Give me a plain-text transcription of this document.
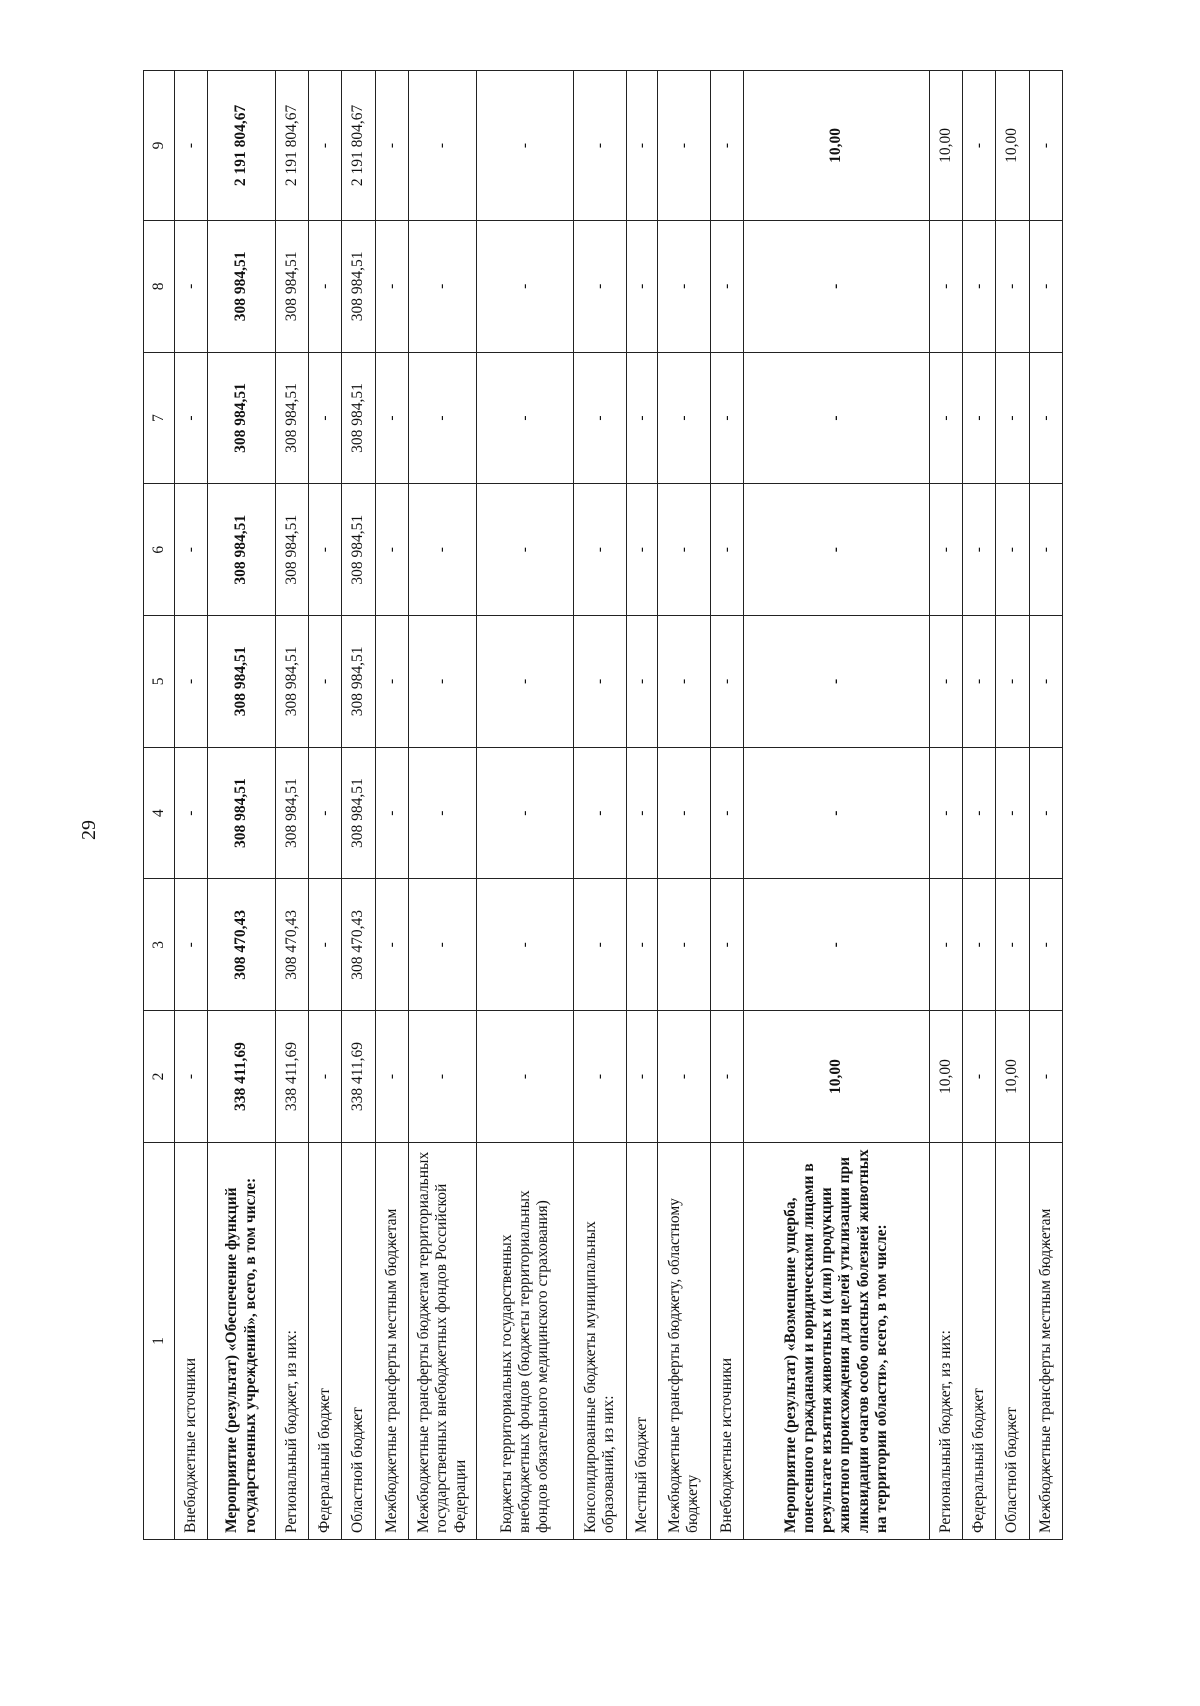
29
1	2	3	4	5	6	7	8	9
Внебюджетные источники	-	-	-	-	-	-	-	-
Мероприятие (результат) «Обеспечение функций государственных учреждений», всего, в том числе:	338 411,69	308 470,43	308 984,51	308 984,51	308 984,51	308 984,51	308 984,51	2 191 804,67
Региональный бюджет, из них:	338 411,69	308 470,43	308 984,51	308 984,51	308 984,51	308 984,51	308 984,51	2 191 804,67
Федеральный бюджет	-	-	-	-	-	-	-	-
Областной бюджет	338 411,69	308 470,43	308 984,51	308 984,51	308 984,51	308 984,51	308 984,51	2 191 804,67
Межбюджетные трансферты местным бюджетам	-	-	-	-	-	-	-	-
Межбюджетные трансферты бюджетам территориальных государственных внебюджетных фондов Российской Федерации	-	-	-	-	-	-	-	-
Бюджеты территориальных государственных внебюджетных фондов (бюджеты территориальных фондов обязательного медицинского страхования)	-	-	-	-	-	-	-	-
Консолидированные бюджеты муниципальных образований, из них:	-	-	-	-	-	-	-	-
Местный бюджет	-	-	-	-	-	-	-	-
Межбюджетные трансферты бюджету, областному бюджету	-	-	-	-	-	-	-	-
Внебюджетные источники	-	-	-	-	-	-	-	-
Мероприятие (результат) «Возмещение ущерба, понесенного гражданами и юридическими лицами в результате изъятия животных и (или) продукции животного происхождения для целей утилизации при ликвидации очагов особо опасных болезней животных на территории области», всего, в том числе:	10,00	-	-	-	-	-	-	10,00
Региональный бюджет, из них:	10,00	-	-	-	-	-	-	10,00
Федеральный бюджет	-	-	-	-	-	-	-	-
Областной бюджет	10,00	-	-	-	-	-	-	10,00
Межбюджетные трансферты местным бюджетам	-	-	-	-	-	-	-	-
